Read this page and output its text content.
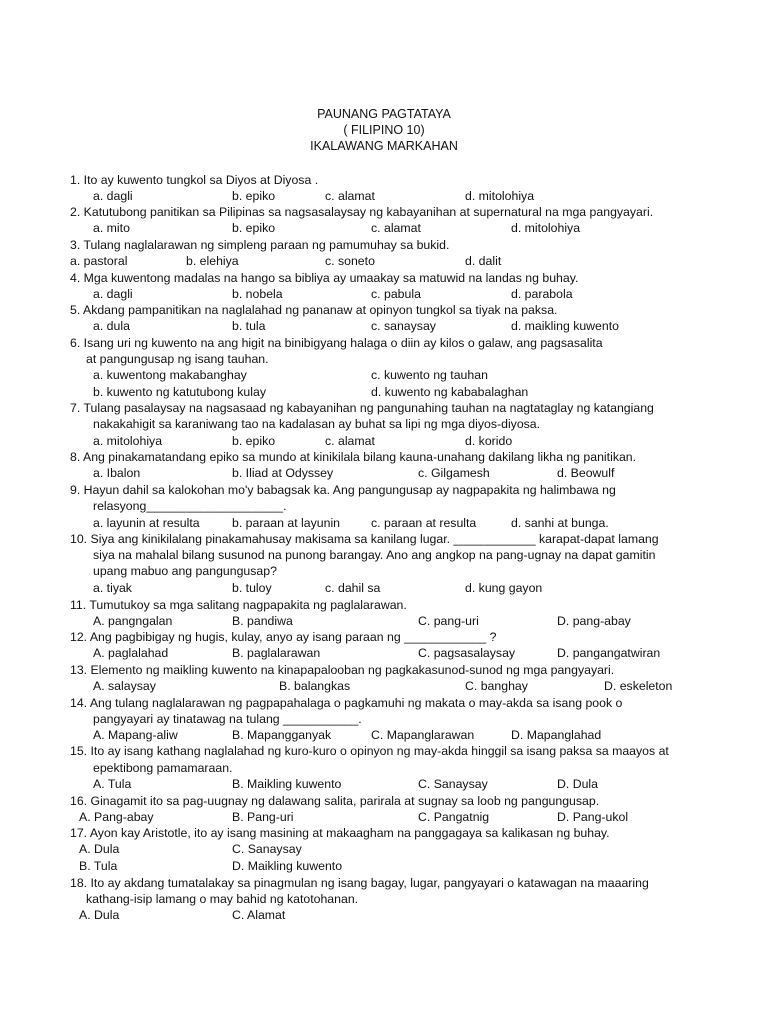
PAUNANG PAGTATAYA
( FILIPINO 10)
IKALAWANG MARKAHAN
1. Ito ay kuwento tungkol sa Diyos at Diyosa .
a. dagli	b. epiko	c. alamat	d. mitolohiya
2. Katutubong panitikan sa Pilipinas sa nagsasalaysay ng kabayanihan at supernatural na mga pangyayari.
a. mito	b. epiko	c. alamat	d. mitolohiya
3. Tulang naglalarawan ng simpleng paraan ng pamumuhay sa bukid.
a. pastoral	b. elehiya	c. soneto	d. dalit
4. Mga kuwentong madalas na hango sa bibliya ay umaakay sa matuwid na landas ng buhay.
a. dagli	b. nobela	c. pabula	d. parabola
5. Akdang pampanitikan na naglalahad ng pananaw at opinyon tungkol sa tiyak na paksa.
a. dula	b. tula	c. sanaysay	d. maikling kuwento
6. Isang uri ng kuwento na ang higit na binibigyang halaga o diin ay kilos o galaw, ang pagsasalita
at pangungusap ng isang tauhan.
a. kuwentong makabanghay	c. kuwento ng tauhan
b. kuwento ng katutubong kulay	d. kuwento ng kababalaghan
7. Tulang pasalaysay na nagsasaad ng kabayanihan ng pangunahing tauhan na nagtataglay ng katangiang
nakakahigit sa karaniwang tao na kadalasan ay buhat sa lipi ng mga diyos-diyosa.
a. mitolohiya	b. epiko	c. alamat	d. korido
8. Ang pinakamatandang epiko sa mundo at kinikilala bilang kauna-unahang dakilang likha ng panitikan.
a. Ibalon	b. Iliad at Odyssey	c. Gilgamesh	d. Beowulf
9. Hayun dahil sa kalokohan mo'y babagsak ka. Ang pangungusap ay nagpapakita ng halimbawa ng
relasyong____________________.
a. layunin at resulta	b. paraan at layunin	c. paraan at resulta	d. sanhi at bunga.
10. Siya ang kinikilalang pinakamahusay makisama sa kanilang lugar. ____________ karapat-dapat lamang
siya na mahalal bilang susunod na punong barangay. Ano ang angkop na pang-ugnay na dapat gamitin
upang mabuo ang pangungusap?
a. tiyak	b. tuloy	c. dahil sa	d. kung gayon
11. Tumutukoy sa mga salitang nagpapakita ng paglalarawan.
A. pangngalan	B. pandiwa	C. pang-uri	D. pang-abay
12. Ang pagbibigay ng hugis, kulay, anyo ay isang paraan ng ____________ ?
A. paglalahad	B. paglalarawan	C. pagsasalaysay	D. pangangatwiran
13. Elemento ng maikling kuwento na kinapapalooban ng pagkakasunod-sunod ng mga pangyayari.
A. salaysay	B. balangkas	C. banghay	D. eskeleton
14. Ang tulang naglalarawan ng pagpapahalaga o pagkamuhi ng makata o may-akda sa isang pook o
pangyayari ay tinatawag na tulang ___________.
A. Mapang-aliw	B. Mapangganyak	C. Mapanglarawan	D. Mapanglahad
15. Ito ay isang kathang naglalahad ng kuro-kuro o opinyon ng may-akda hinggil sa isang paksa sa maayos at
epektibong pamamaraan.
A. Tula	B. Maikling kuwento	C. Sanaysay	D. Dula
16. Ginagamit ito sa pag-uugnay ng dalawang salita, parirala at sugnay sa loob ng pangungusap.
A. Pang-abay	B. Pang-uri	C. Pangatnig	D. Pang-ukol
17. Ayon kay Aristotle, ito ay isang masining at makaagham na panggagaya sa kalikasan ng buhay.
A. Dula	C. Sanaysay
B. Tula	D. Maikling kuwento
18. Ito ay akdang tumatalakay sa pinagmulan ng isang bagay, lugar, pangyayari o katawagan na maaaring
kathang-isip lamang o may bahid ng katotohanan.
A. Dula	C. Alamat
